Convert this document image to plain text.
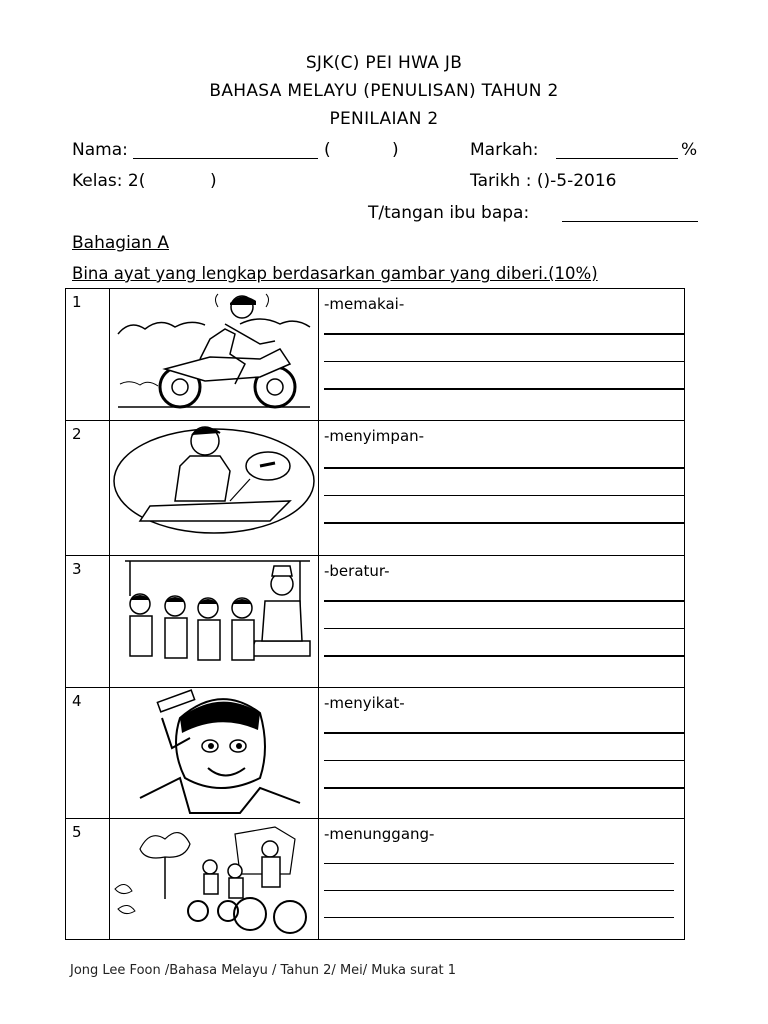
SJK(C) PEI HWA JB
BAHASA MELAYU (PENULISAN) TAHUN 2
PENILAIAN 2
Nama:	(	)	Markah:	%
Kelas: 2(	)	Tarikh : ()-5-2016
T/tangan ibu bapa:
Bahagian A
Bina ayat yang lengkap berdasarkan gambar yang diberi.(10%)
1		-memakai-

2		-menyimpan-

3		-beratur-

4		-menyikat-

5		-menunggang-
Jong Lee Foon /Bahasa Melayu / Tahun 2/ Mei/ Muka surat 1
